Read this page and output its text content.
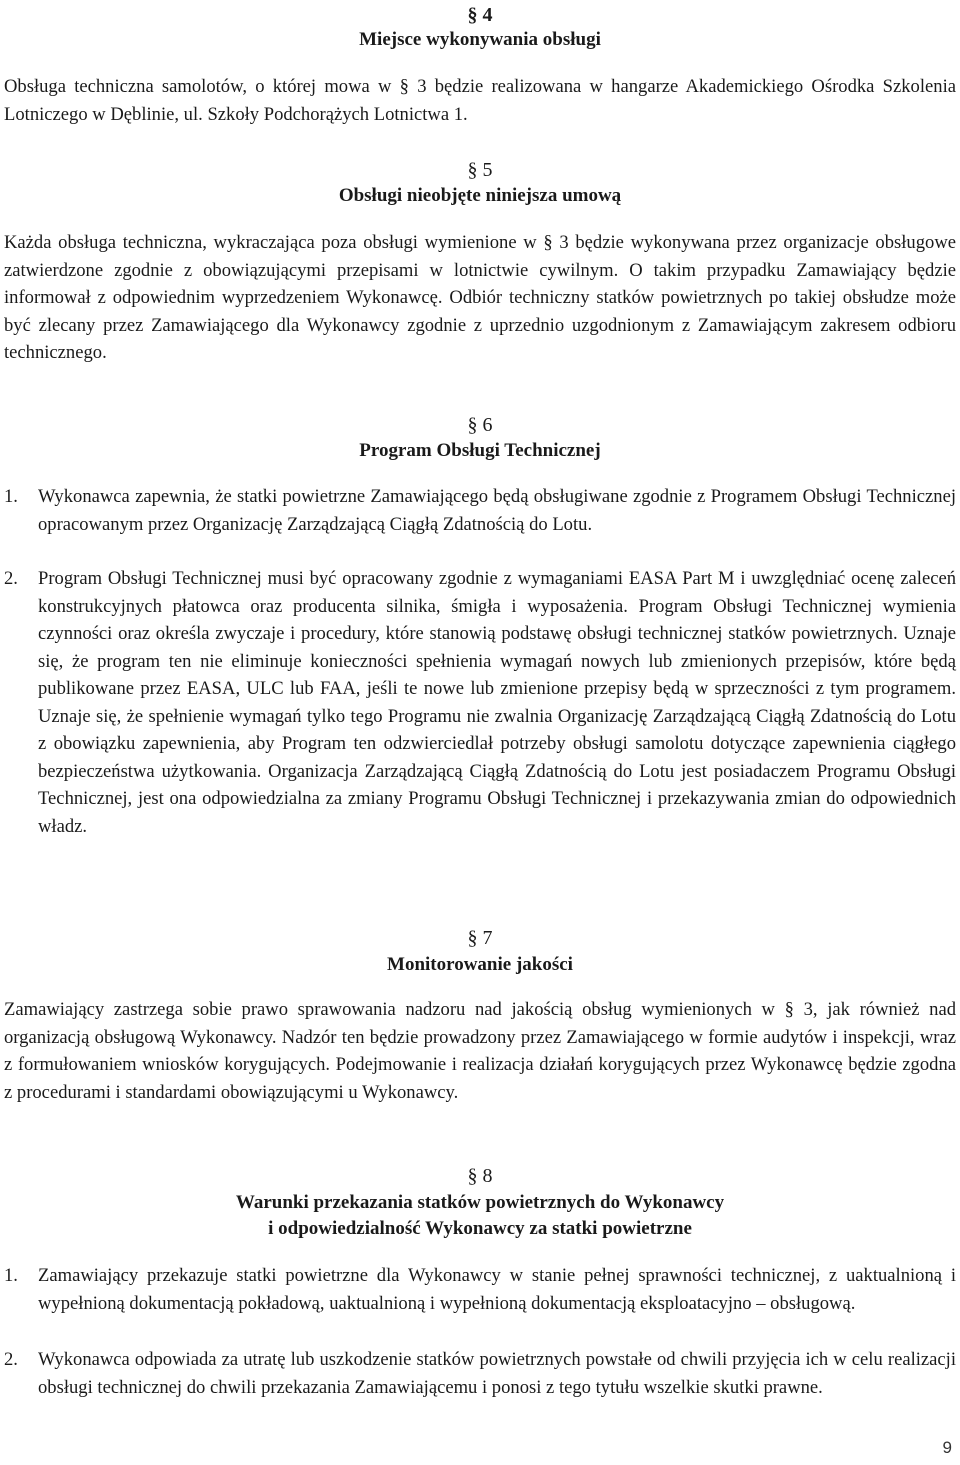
§ 4
Miejsce wykonywania obsługi
Obsługa techniczna samolotów, o której mowa w § 3 będzie realizowana w hangarze Akademickiego Ośrodka Szkolenia Lotniczego w Dęblinie, ul. Szkoły Podchorążych Lotnictwa 1.
§ 5
Obsługi nieobjęte niniejsza umową
Każda obsługa techniczna, wykraczająca poza obsługi wymienione w § 3 będzie wykonywana przez organizacje obsługowe zatwierdzone zgodnie z obowiązującymi przepisami w lotnictwie cywilnym. O takim przypadku Zamawiający będzie informował z odpowiednim wyprzedzeniem Wykonawcę. Odbiór techniczny statków powietrznych po takiej obsłudze może być zlecany przez Zamawiającego dla Wykonawcy zgodnie z uprzednio uzgodnionym z Zamawiającym zakresem odbioru technicznego.
§ 6
Program Obsługi Technicznej
1. Wykonawca zapewnia, że statki powietrzne Zamawiającego będą obsługiwane zgodnie z Programem Obsługi Technicznej opracowanym przez Organizację Zarządzającą Ciągłą Zdatnością do Lotu.
2. Program Obsługi Technicznej musi być opracowany zgodnie z wymaganiami EASA Part M i uwzględniać ocenę zaleceń konstrukcyjnych płatowca oraz producenta silnika, śmigła i wyposażenia. Program Obsługi Technicznej wymienia czynności oraz określa zwyczaje i procedury, które stanowią podstawę obsługi technicznej statków powietrznych. Uznaje się, że program ten nie eliminuje konieczności spełnienia wymagań nowych lub zmienionych przepisów, które będą publikowane przez EASA, ULC lub FAA, jeśli te nowe lub zmienione przepisy będą w sprzeczności z tym programem. Uznaje się, że spełnienie wymagań tylko tego Programu nie zwalnia Organizację Zarządzającą Ciągłą Zdatnością do Lotu z obowiązku zapewnienia, aby Program ten odzwierciedlał potrzeby obsługi samolotu dotyczące zapewnienia ciągłego bezpieczeństwa użytkowania. Organizacja Zarządzającą Ciągłą Zdatnością do Lotu jest posiadaczem Programu Obsługi Technicznej, jest ona odpowiedzialna za zmiany Programu Obsługi Technicznej i przekazywania zmian do odpowiednich władz.
§ 7
Monitorowanie jakości
Zamawiający zastrzega sobie prawo sprawowania nadzoru nad jakością obsług wymienionych w § 3, jak również nad organizacją obsługową Wykonawcy. Nadzór ten będzie prowadzony przez Zamawiającego w formie audytów i inspekcji, wraz z formułowaniem wniosków korygujących. Podejmowanie i realizacja działań korygujących przez Wykonawcę będzie zgodna z procedurami i standardami obowiązującymi u Wykonawcy.
§ 8
Warunki przekazania statków powietrznych do Wykonawcy
i odpowiedzialność Wykonawcy za statki powietrzne
1. Zamawiający przekazuje statki powietrzne dla Wykonawcy w stanie pełnej sprawności technicznej, z uaktualnioną i wypełnioną dokumentacją pokładową, uaktualnioną i wypełnioną dokumentacją eksploatacyjno – obsługową.
2. Wykonawca odpowiada za utratę lub uszkodzenie statków powietrznych powstałe od chwili przyjęcia ich w celu realizacji obsługi technicznej do chwili przekazania Zamawiającemu i ponosi z tego tytułu wszelkie skutki prawne.
9
